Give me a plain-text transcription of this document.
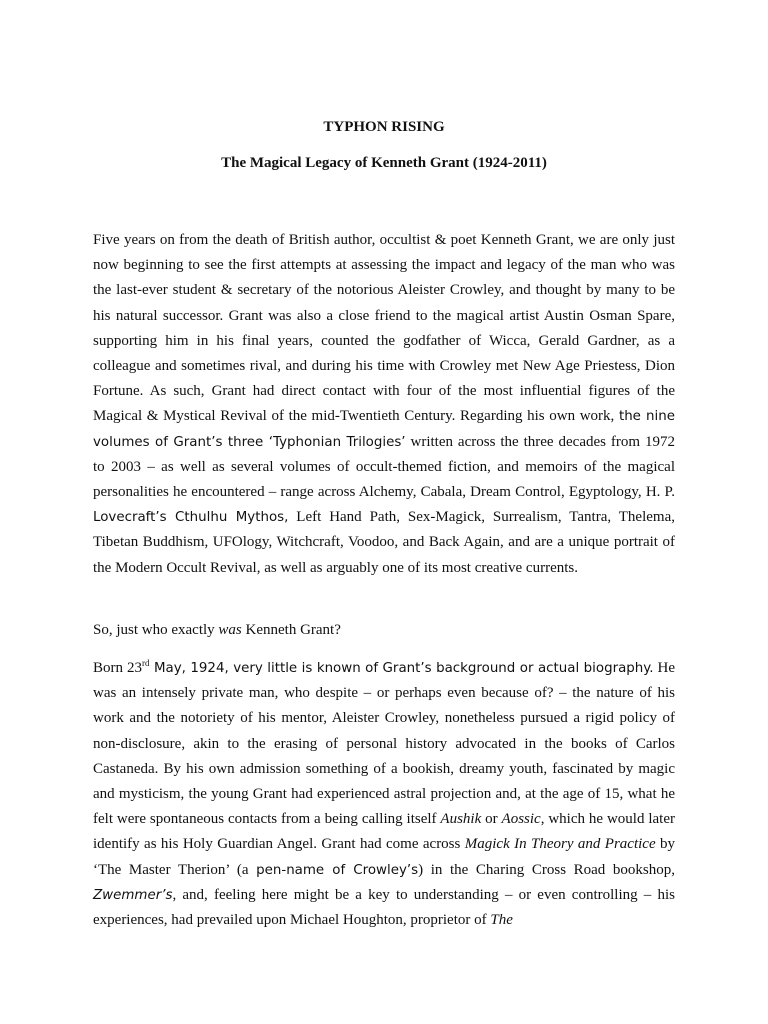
TYPHON RISING

The Magical Legacy of Kenneth Grant (1924-2011)

Five years on from the death of British author, occultist & poet Kenneth Grant, we are only just now beginning to see the first attempts at assessing the impact and legacy of the man who was the last-ever student & secretary of the notorious Aleister Crowley, and thought by many to be his natural successor. Grant was also a close friend to the magical artist Austin Osman Spare, supporting him in his final years, counted the godfather of Wicca, Gerald Gardner, as a colleague and sometimes rival, and during his time with Crowley met New Age Priestess, Dion Fortune. As such, Grant had direct contact with four of the most influential figures of the Magical & Mystical Revival of the mid-Twentieth Century. Regarding his own work, the nine volumes of Grant’s three ‘Typhonian Trilogies’ written across the three decades from 1972 to 2003 – as well as several volumes of occult-themed fiction, and memoirs of the magical personalities he encountered – range across Alchemy, Cabala, Dream Control, Egyptology, H. P. Lovecraft’s Cthulhu Mythos, Left Hand Path, Sex-Magick, Surrealism, Tantra, Thelema, Tibetan Buddhism, UFOlogy, Witchcraft, Voodoo, and Back Again, and are a unique portrait of the Modern Occult Revival, as well as arguably one of its most creative currents.

So, just who exactly was Kenneth Grant?

Born 23rd May, 1924, very little is known of Grant’s background or actual biography. He was an intensely private man, who despite – or perhaps even because of? – the nature of his work and the notoriety of his mentor, Aleister Crowley, nonetheless pursued a rigid policy of non-disclosure, akin to the erasing of personal history advocated in the books of Carlos Castaneda. By his own admission something of a bookish, dreamy youth, fascinated by magic and mysticism, the young Grant had experienced astral projection and, at the age of 15, what he felt were spontaneous contacts from a being calling itself Aushik or Aossic, which he would later identify as his Holy Guardian Angel. Grant had come across Magick In Theory and Practice by ‘The Master Therion’ (a pen-name of Crowley’s) in the Charing Cross Road bookshop, Zwemmer’s, and, feeling here might be a key to understanding – or even controlling – his experiences, had prevailed upon Michael Houghton, proprietor of The
